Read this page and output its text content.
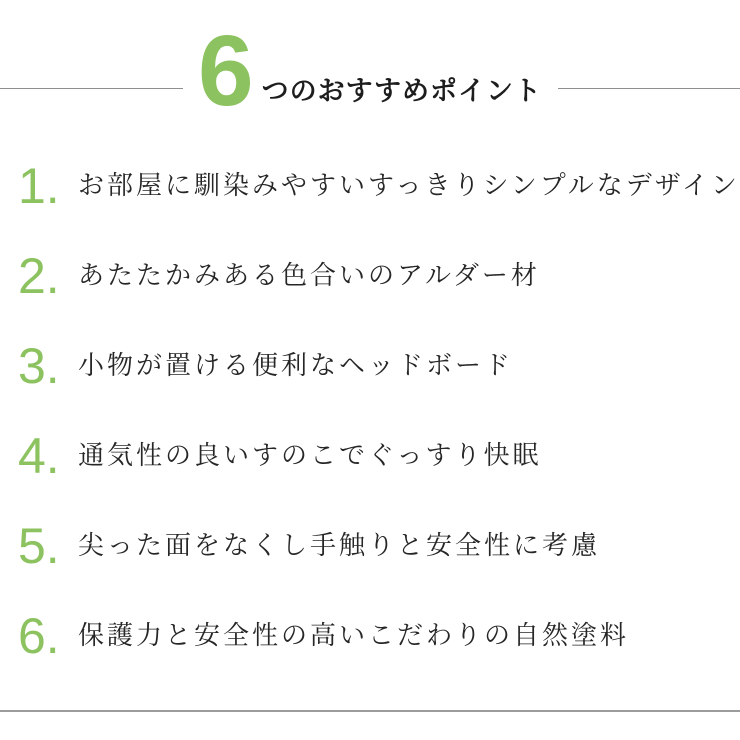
6 つのおすすめポイント
1. お部屋に馴染みやすいすっきりシンプルなデザイン
2. あたたかみある色合いのアルダー材
3. 小物が置ける便利なヘッドボード
4. 通気性の良いすのこでぐっすり快眠
5. 尖った面をなくし手触りと安全性に考慮
6. 保護力と安全性の高いこだわりの自然塗料
